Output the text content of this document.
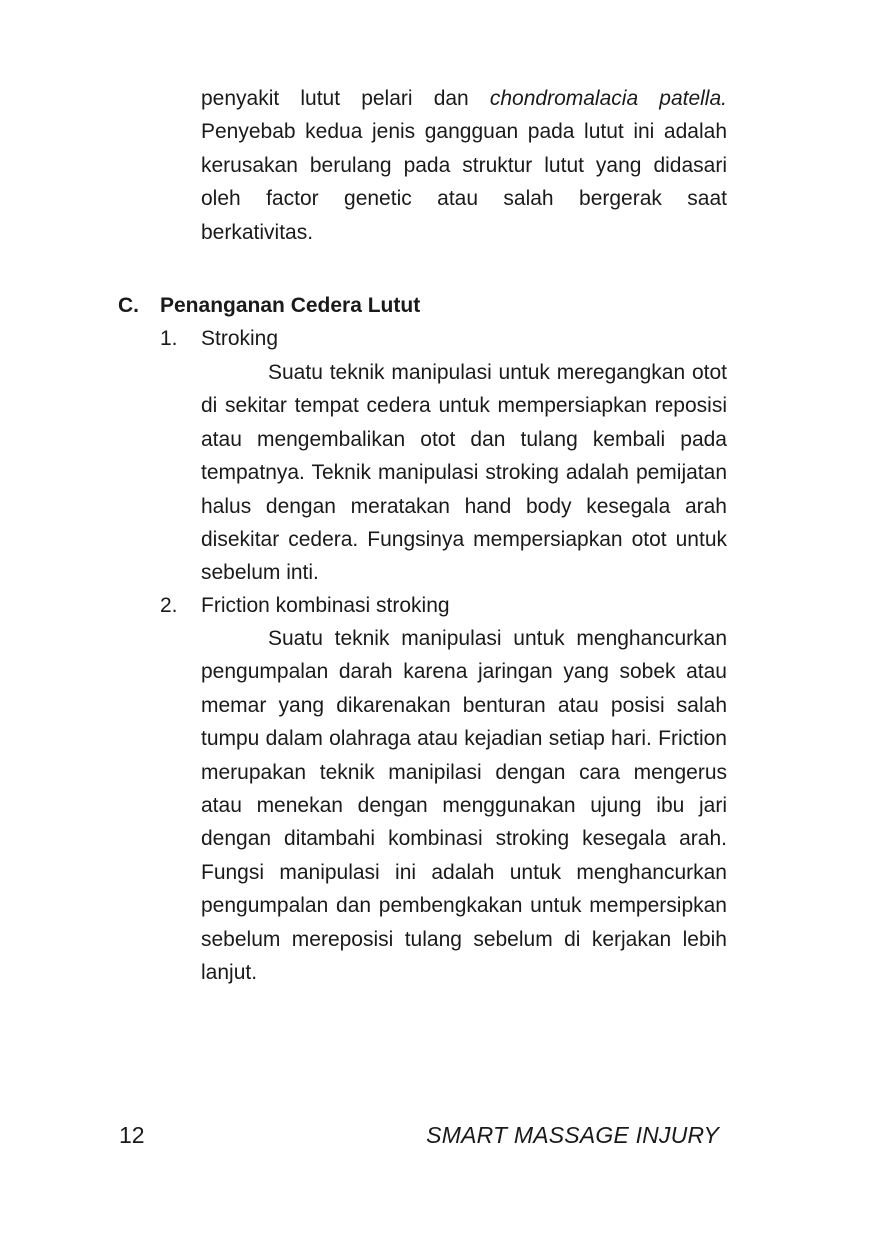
penyakit lutut pelari dan chondromalacia patella. Penyebab kedua jenis gangguan pada lutut ini adalah kerusakan berulang pada struktur lutut yang didasari oleh factor genetic atau salah bergerak saat berkativitas.

C. Penanganan Cedera Lutut
1. Stroking

Suatu teknik manipulasi untuk meregangkan otot di sekitar tempat cedera untuk mempersiapkan reposisi atau mengembalikan otot dan tulang kembali pada tempatnya. Teknik manipulasi stroking adalah pemijatan halus dengan meratakan hand body kesegala arah disekitar cedera. Fungsinya mempersiapkan otot untuk sebelum inti.

2. Friction kombinasi stroking

Suatu teknik manipulasi untuk menghancurkan pengumpalan darah karena jaringan yang sobek atau memar yang dikarenakan benturan atau posisi salah tumpu dalam olahraga atau kejadian setiap hari. Friction merupakan teknik manipilasi dengan cara mengerus atau menekan dengan menggunakan ujung ibu jari dengan ditambahi kombinasi stroking kesegala arah. Fungsi manipulasi ini adalah untuk menghancurkan pengumpalan dan pembengkakan untuk mempersipkan sebelum mereposisi tulang sebelum di kerjakan lebih lanjut.

12	SMART MASSAGE INJURY
